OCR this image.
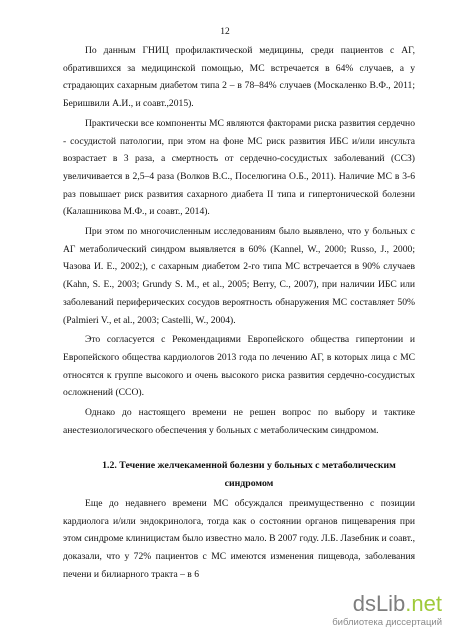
12

По данным ГНИЦ профилактической медицины, среди пациентов с АГ, обратившихся за медицинской помощью, МС встречается в 64% случаев, а у страдающих сахарным диабетом типа 2 – в 78–84% случаев (Москаленко В.Ф., 2011; Беришвили А.И., и соавт.,2015).

Практически все компоненты МС являются факторами риска развития сердечно - сосудистой патологии, при этом на фоне МС риск развития ИБС и/или инсульта возрастает в 3 раза, а смертность от сердечно-сосудистых заболеваний (ССЗ) увеличивается в 2,5–4 раза (Волков В.С., Поселюгина О.Б., 2011). Наличие МС в 3-6 раз повышает риск развития сахарного диабета II типа и гипертонической болезни (Калашникова М.Ф., и соавт., 2014).

При этом по многочисленным исследованиям было выявлено, что у больных с АГ метаболический синдром выявляется в 60% (Kannel, W., 2000; Russo, J., 2000; Чазова И. Е., 2002;), с сахарным диабетом 2-го типа МС встречается в 90% случаев (Kahn, S. E., 2003; Grundy S. M., et al., 2005; Berry, C., 2007), при наличии ИБС или заболеваний периферических сосудов вероятность обнаружения МС составляет 50% (Palmieri V., et al., 2003; Castelli, W., 2004).

Это согласуется с Рекомендациями Европейского общества гипертонии и Европейского общества кардиологов 2013 года по лечению АГ, в которых лица с МС относятся к группе высокого и очень высокого риска развития сердечно-сосудистых осложнений (ССО).

Однако до настоящего времени не решен вопрос по выбору и тактике анестезиологического обеспечения у больных с метаболическим синдромом.

1.2. Течение желчекаменной болезни у больных с метаболическим синдромом

Еще до недавнего времени МС обсуждался преимущественно с позиции кардиолога и/или эндокринолога, тогда как о состоянии органов пищеварения при этом синдроме клиницистам было известно мало. В 2007 году. Л.Б. Лазебник и соавт., доказали, что у 72% пациентов с МС имеются изменения пищевода, заболевания печени и билиарного тракта – в 6

dsLib.net
библиотека диссертаций
